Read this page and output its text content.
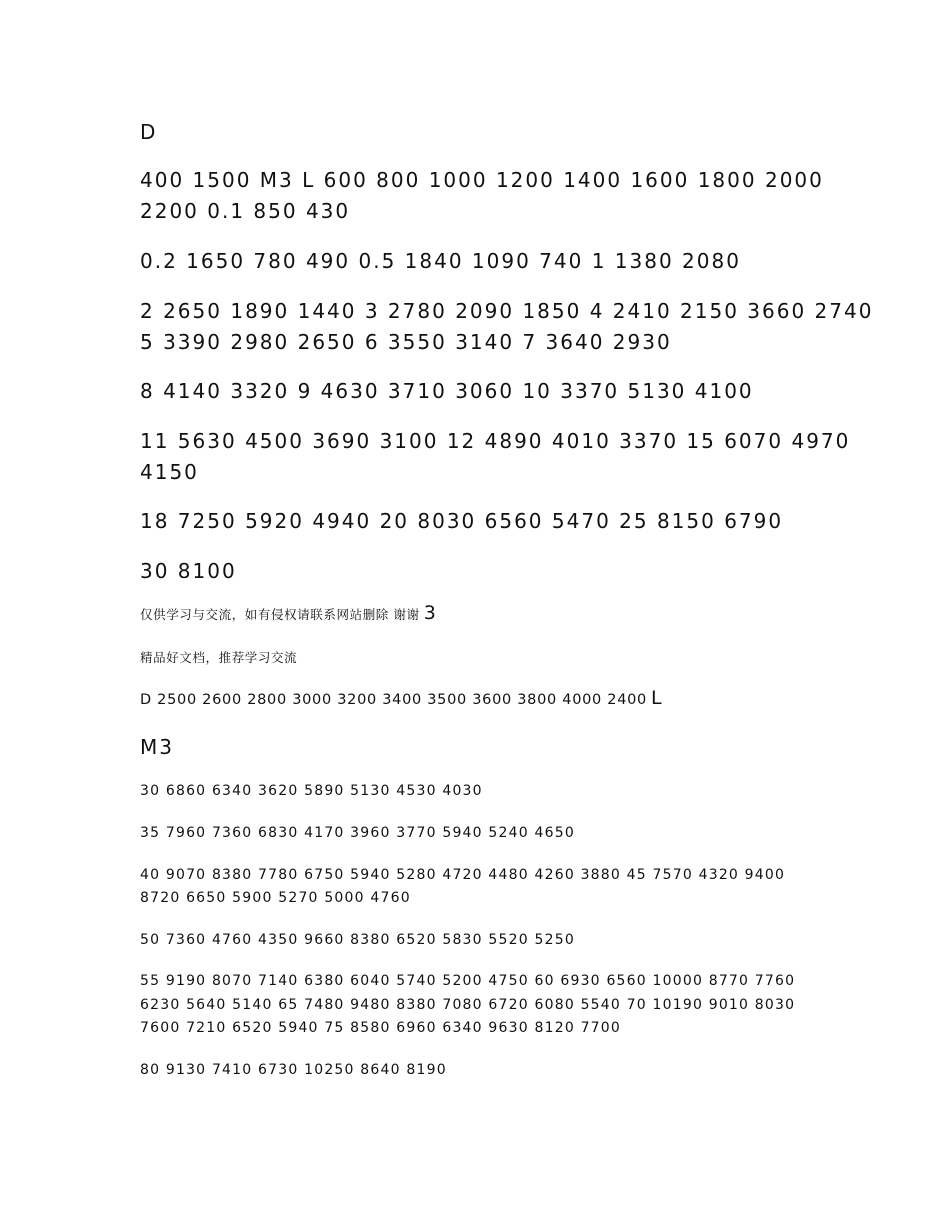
D

400 1500 M3 L 600 800 1000 1200 1400 1600 1800 2000

2200 0.1 850 430

0.2 1650 780 490 0.5 1840 1090 740 1 1380 2080

2 2650 1890 1440 3 2780 2090 1850 4 2410 2150 3660 2740

5 3390 2980 2650 6 3550 3140 7 3640 2930

8 4140 3320 9 4630 3710 3060 10 3370 5130 4100

11 5630 4500 3690 3100 12 4890 4010 3370 15 6070 4970

4150

18 7250 5920 4940 20 8030 6560 5470 25 8150 6790

30 8100

仅供学习与交流，如有侵权请联系网站删除 谢谢 3

精品好文档，推荐学习交流

D 2500 2600 2800 3000 3200 3400 3500 3600 3800 4000 2400 L

M3

30 6860 6340 3620 5890 5130 4530 4030

35 7960 7360 6830 4170 3960 3770 5940 5240 4650

40 9070 8380 7780 6750 5940 5280 4720 4480 4260 3880 45 7570 4320 9400

8720 6650 5900 5270 5000 4760

50 7360 4760 4350 9660 8380 6520 5830 5520 5250

55 9190 8070 7140 6380 6040 5740 5200 4750 60 6930 6560 10000 8770 7760

6230 5640 5140 65 7480 9480 8380 7080 6720 6080 5540 70 10190 9010 8030

7600 7210 6520 5940 75 8580 6960 6340 9630 8120 7700

80 9130 7410 6730 10250 8640 8190
